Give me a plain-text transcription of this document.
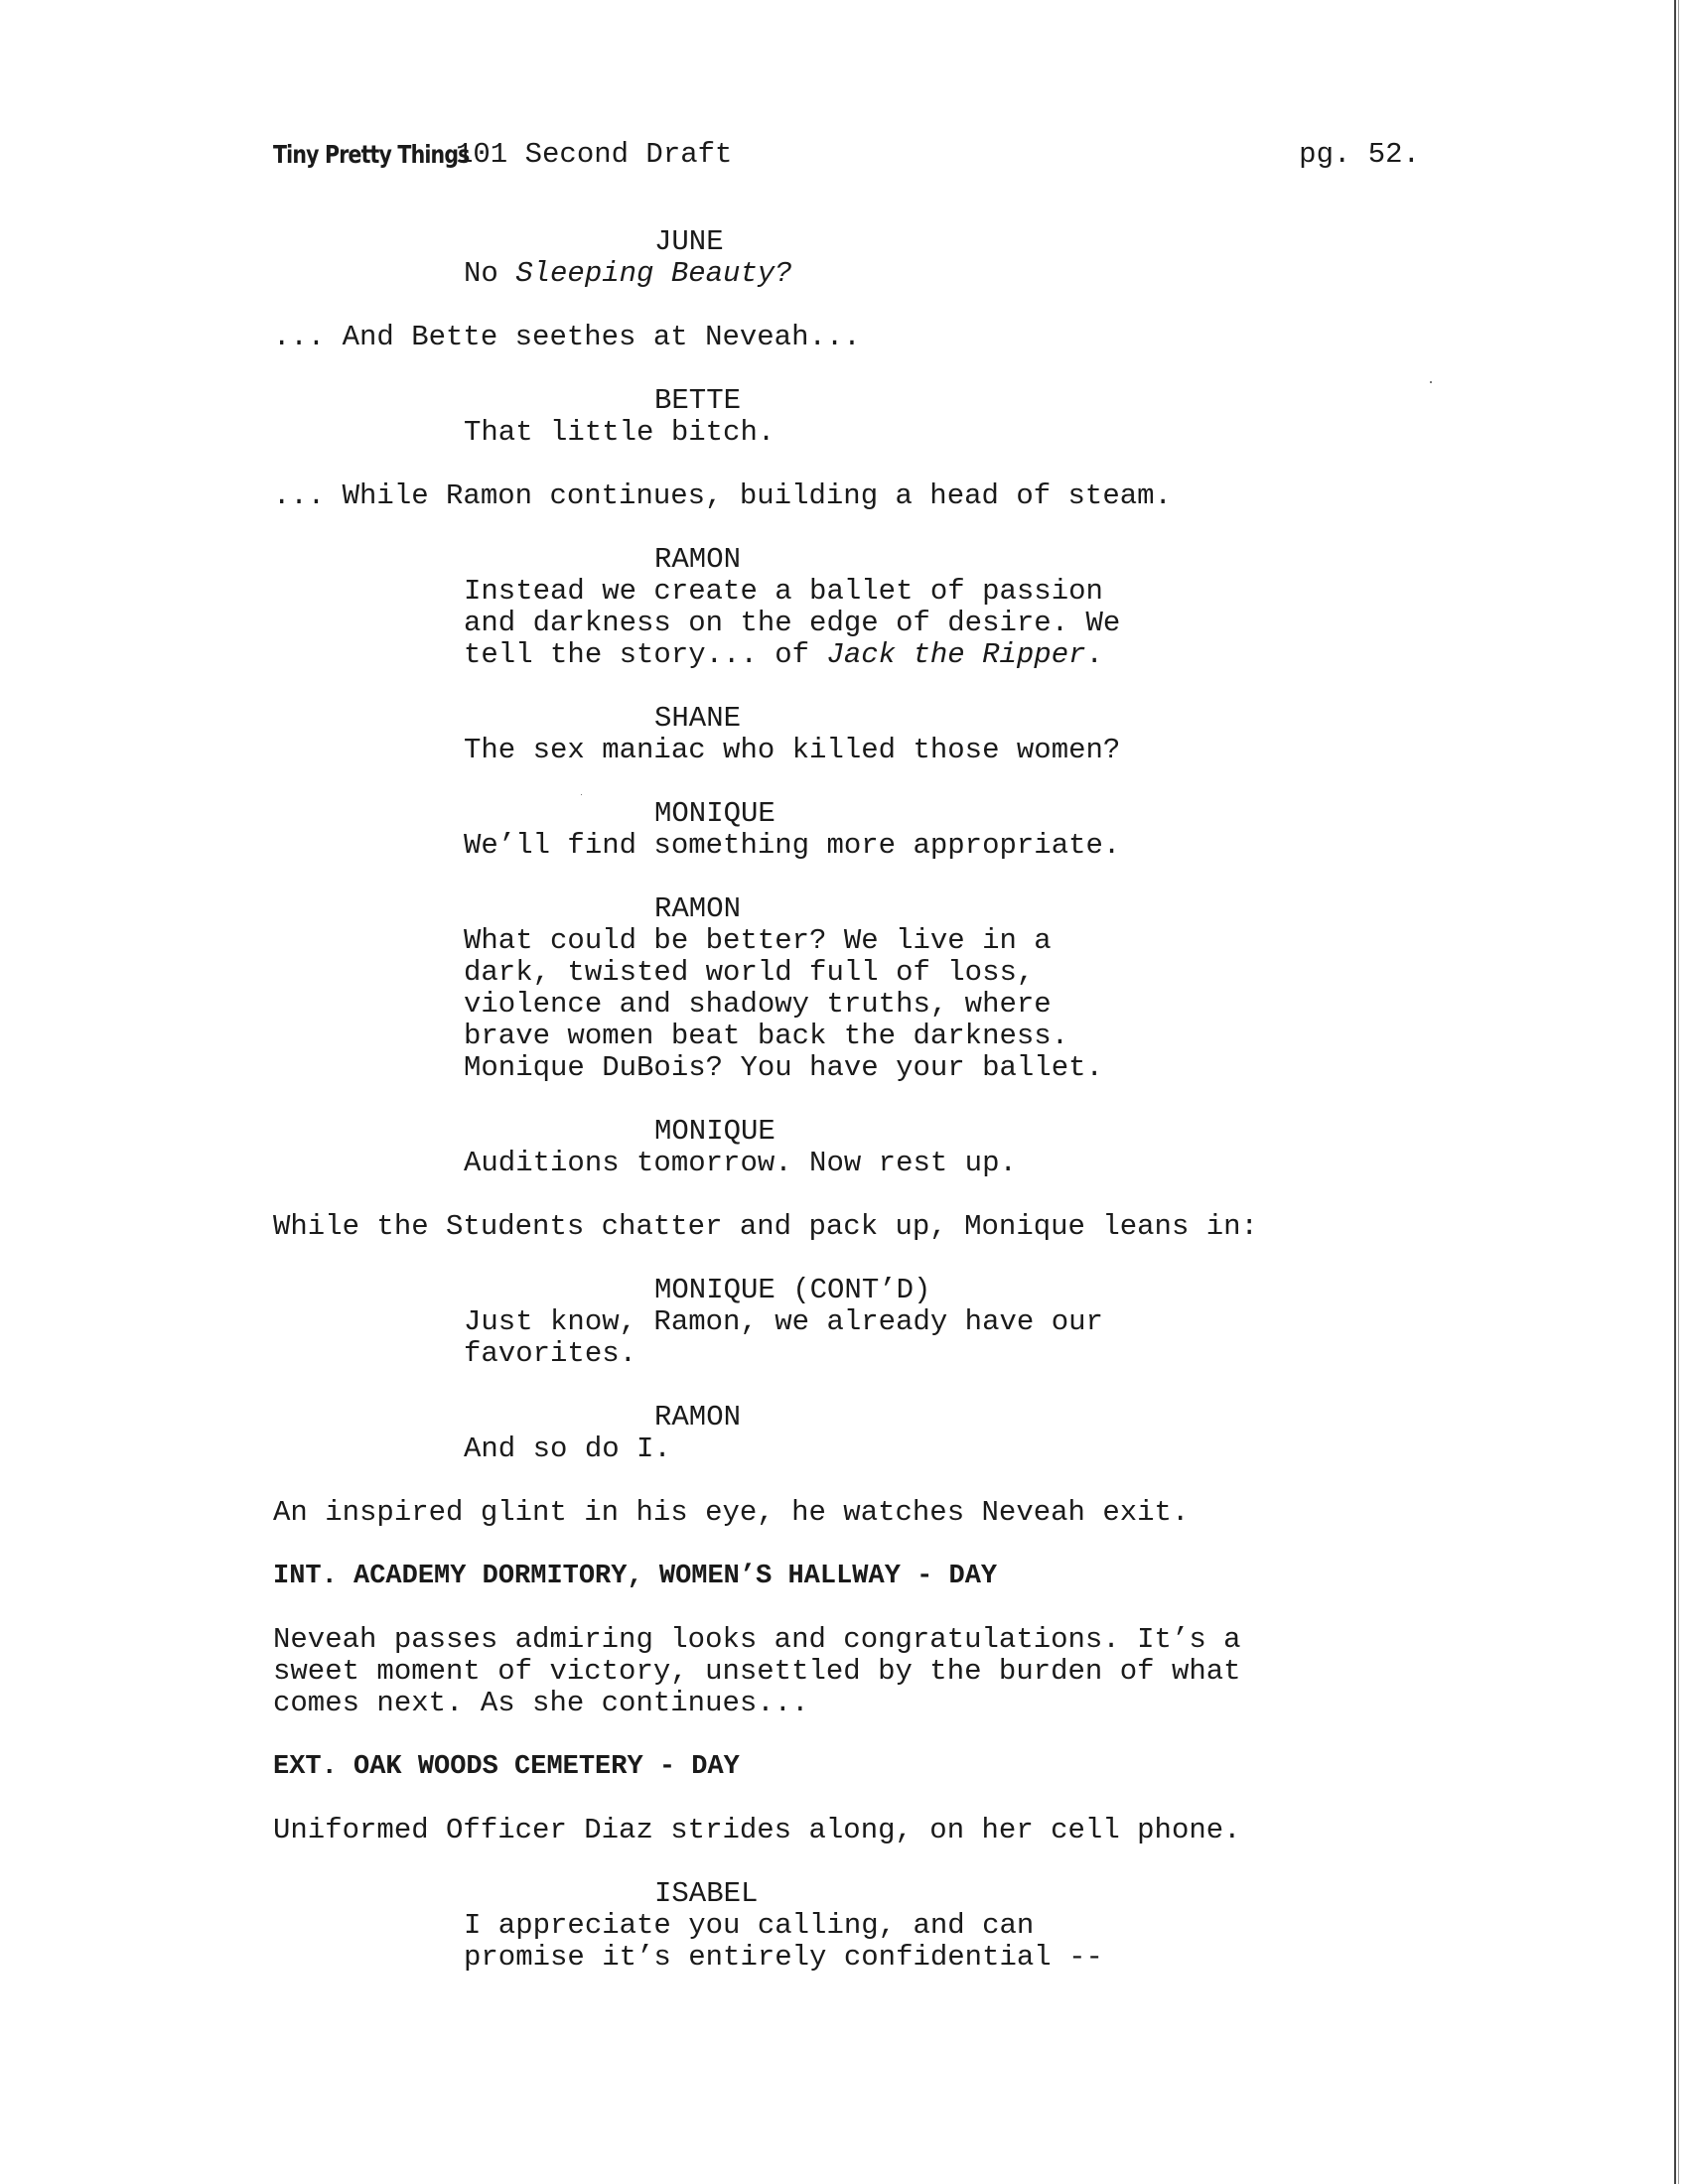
Tiny Pretty Things
101 Second Draft	pg. 52.
JUNE
No Sleeping Beauty?
... And Bette seethes at Neveah...
BETTE
That little bitch.
... While Ramon continues, building a head of steam.
RAMON
Instead we create a ballet of passion
and darkness on the edge of desire. We
tell the story... of Jack the Ripper.
SHANE
The sex maniac who killed those women?
MONIQUE
We’ll find something more appropriate.
RAMON
What could be better? We live in a
dark, twisted world full of loss,
violence and shadowy truths, where
brave women beat back the darkness.
Monique DuBois? You have your ballet.
MONIQUE
Auditions tomorrow. Now rest up.
While the Students chatter and pack up, Monique leans in:
MONIQUE (CONT’D)
Just know, Ramon, we already have our
favorites.
RAMON
And so do I.
An inspired glint in his eye, he watches Neveah exit.
INT. ACADEMY DORMITORY, WOMEN’S HALLWAY - DAY
Neveah passes admiring looks and congratulations. It’s a
sweet moment of victory, unsettled by the burden of what
comes next. As she continues...
EXT. OAK WOODS CEMETERY - DAY
Uniformed Officer Diaz strides along, on her cell phone.
ISABEL
I appreciate you calling, and can
promise it’s entirely confidential --
